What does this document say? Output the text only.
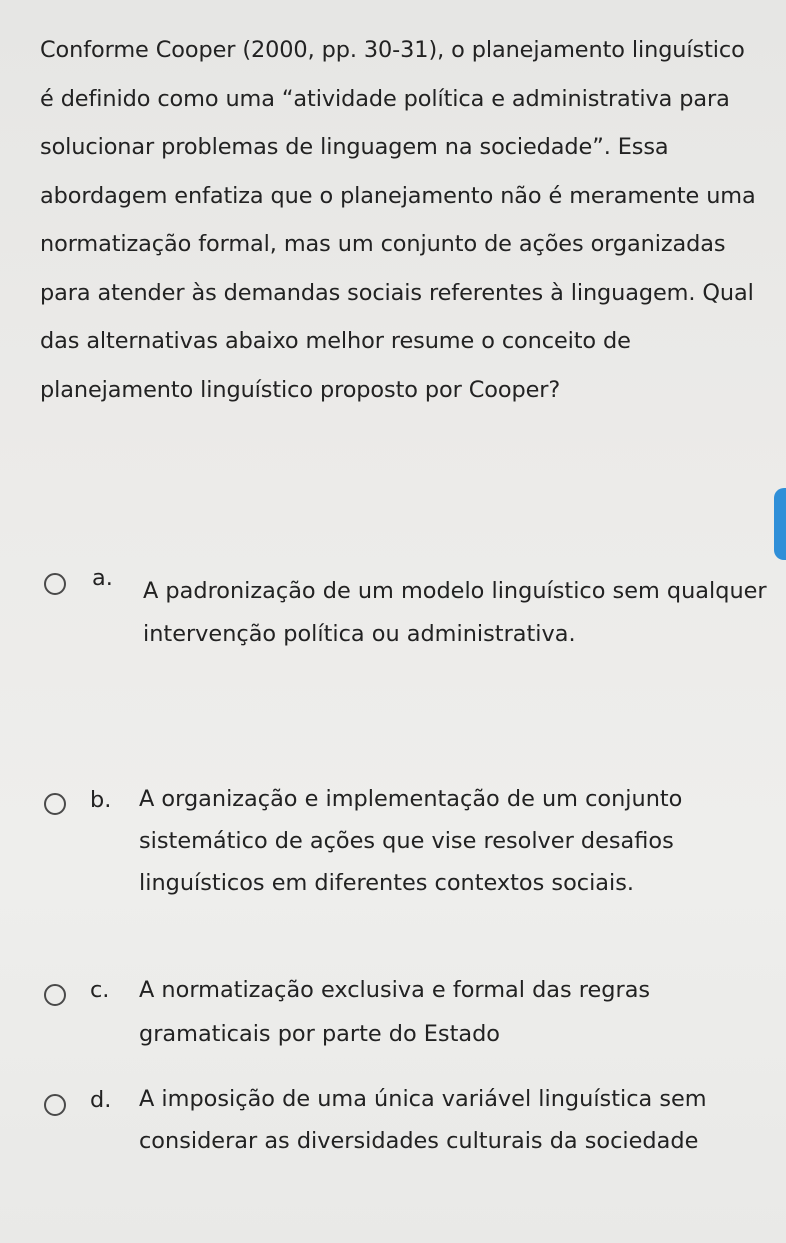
Conforme Cooper (2000, pp. 30-31), o planejamento linguístico é definido como uma “atividade política e administrativa para solucionar problemas de linguagem na sociedade”. Essa abordagem enfatiza que o planejamento não é meramente uma normatização formal, mas um conjunto de ações organizadas para atender às demandas sociais referentes à linguagem. Qual das alternativas abaixo melhor resume o conceito de planejamento linguístico proposto por Cooper?

a. A padronização de um modelo linguístico sem qualquer intervenção política ou administrativa.

b. A organização e implementação de um conjunto sistemático de ações que vise resolver desafios linguísticos em diferentes contextos sociais.

c. A normatização exclusiva e formal das regras gramaticais por parte do Estado

d. A imposição de uma única variável linguística sem considerar as diversidades culturais da sociedade
